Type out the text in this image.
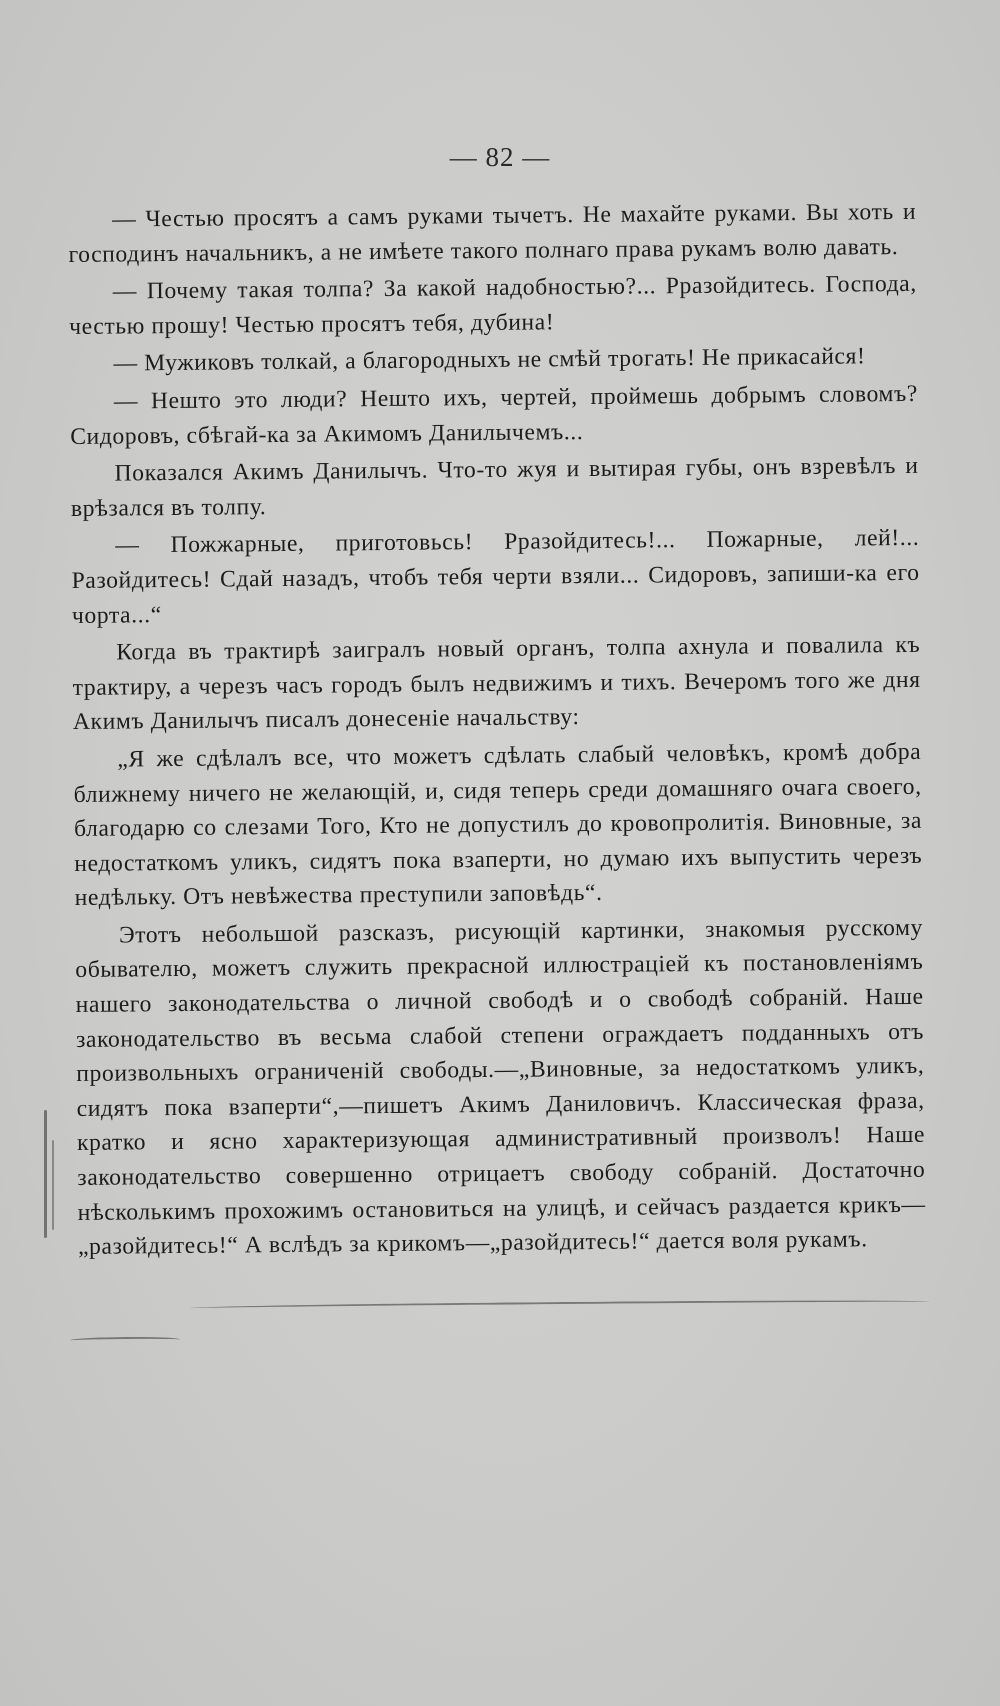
— 82 —

— Честью просятъ а самъ руками тычетъ. Не махайте руками. Вы хоть и господинъ начальникъ, а не имѣете такого полнаго права рукамъ волю давать.

— Почему такая толпа? За какой надобностью?... Рразойдитесь. Господа, честью прошу! Честью просятъ тебя, дубина!

— Мужиковъ толкай, а благородныхъ не смѣй трогать! Не прикасайся!

— Нешто это люди? Нешто ихъ, чертей, проймешь добрымъ словомъ? Сидоровъ, сбѣгай-ка за Акимомъ Данилычемъ...

Показался Акимъ Данилычъ. Что-то жуя и вытирая губы, онъ взревѣлъ и врѣзался въ толпу.

— Пожжарные, приготовьсь! Рразойдитесь!... Пожарные, лей!... Разойдитесь! Сдай назадъ, чтобъ тебя черти взяли... Сидоровъ, запиши-ка его чорта...“

Когда въ трактирѣ заигралъ новый органъ, толпа ахнула и повалила къ трактиру, а черезъ часъ городъ былъ недвижимъ и тихъ. Вечеромъ того же дня Акимъ Данилычъ писалъ донесеніе начальству:

„Я же сдѣлалъ все, что можетъ сдѣлать слабый человѣкъ, кромѣ добра ближнему ничего не желающій, и, сидя теперь среди домашняго очага своего, благодарю со слезами Того, Кто не допустилъ до кровопролитія. Виновные, за недостаткомъ уликъ, сидятъ пока взаперти, но думаю ихъ выпустить черезъ недѣльку. Отъ невѣжества преступили заповѣдь“.

Этотъ небольшой разсказъ, рисующій картинки, знакомыя русскому обывателю, можетъ служить прекрасной иллюстраціей къ постановленіямъ нашего законодательства о личной свободѣ и о свободѣ собраній. Наше законодательство въ весьма слабой степени ограждаетъ подданныхъ отъ произвольныхъ ограниченій свободы.—„Виновные, за недостаткомъ уликъ, сидятъ пока взаперти“,—пишетъ Акимъ Даниловичъ. Классическая фраза, кратко и ясно характеризующая административный произволъ! Наше законодательство совершенно отрицаетъ свободу собраній. Достаточно нѣсколькимъ прохожимъ остановиться на улицѣ, и сейчасъ раздается крикъ—„разойдитесь!“ А вслѣдъ за крикомъ—„разойдитесь!“ дается воля рукамъ.
